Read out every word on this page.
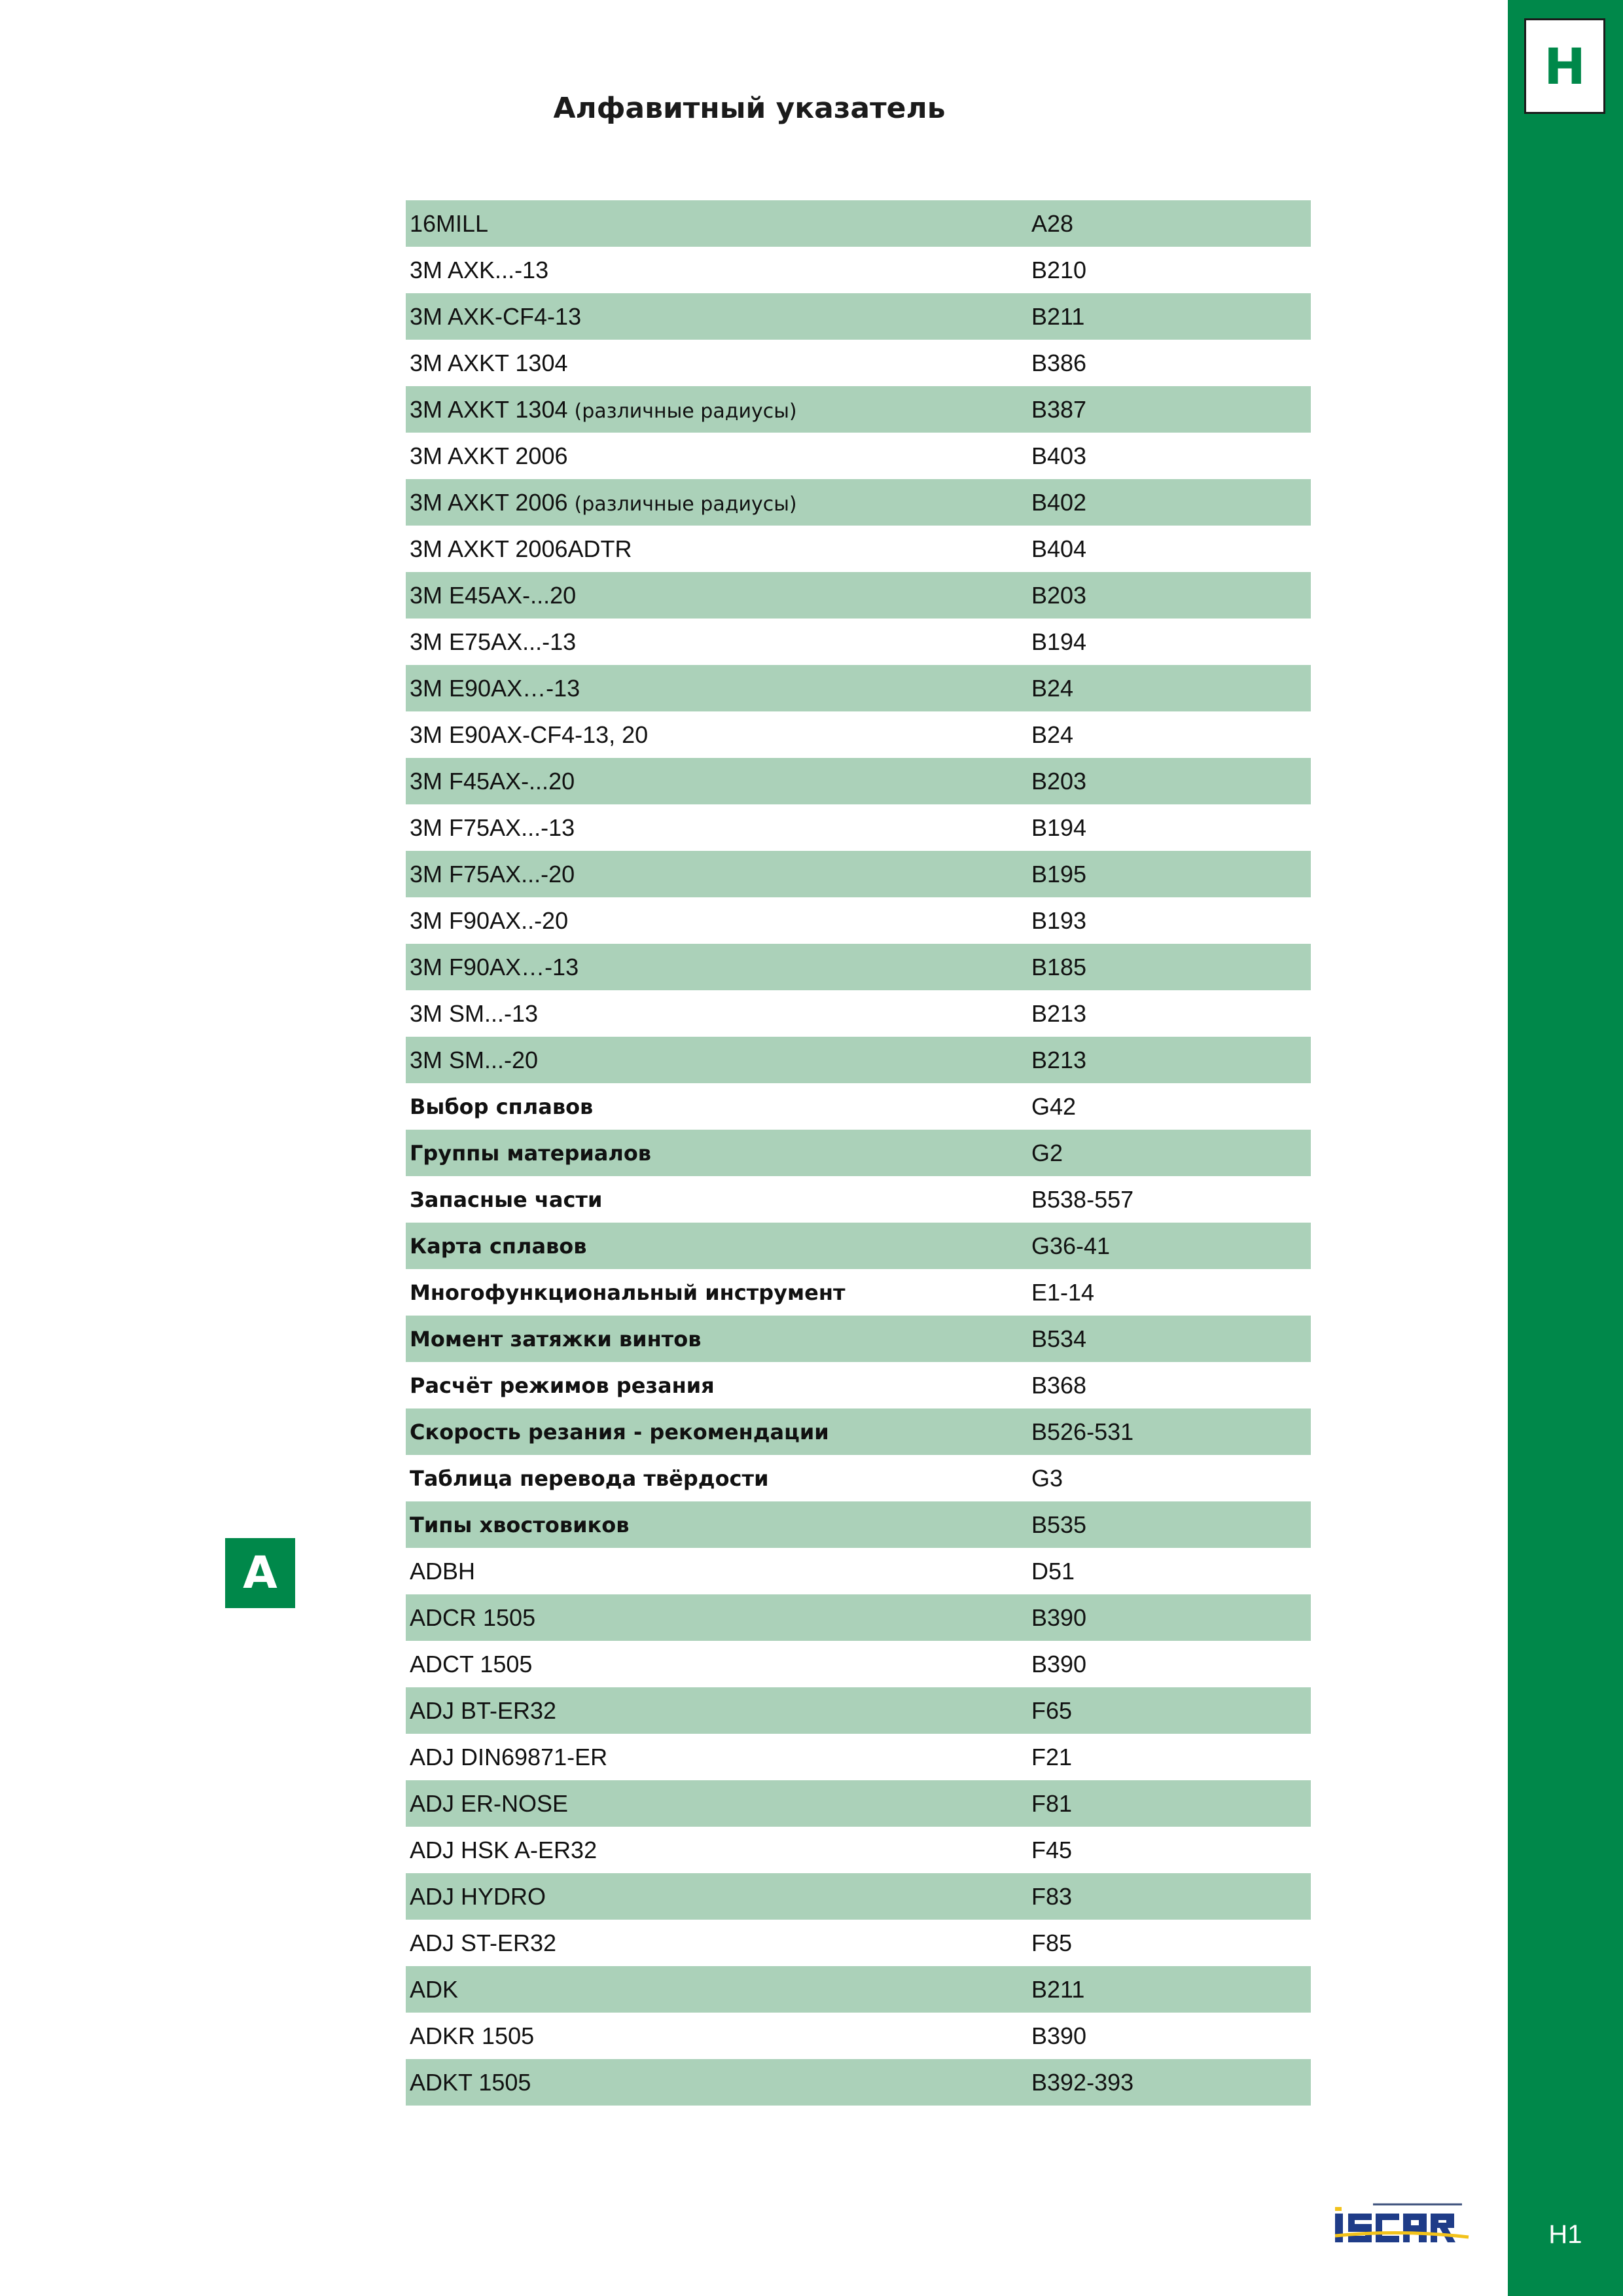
H
H1
Алфавитный указатель
16MILL	A28
3M AXK...-13	B210
3M AXK-CF4-13	B211
3M AXKT 1304	B386
3M AXKT 1304 (различные радиусы)	B387
3M AXKT 2006	B403
3M AXKT 2006 (различные радиусы)	B402
3M AXKT 2006ADTR	B404
3M E45AX-...20	B203
3M E75AX...-13	B194
3M E90AX…-13	B24
3M E90AX-CF4-13, 20	B24
3M F45AX-...20	B203
3M F75AX...-13	B194
3M F75AX...-20	B195
3M F90AX..-20	B193
3M F90AX…-13	B185
3M SM...-13	B213
3M SM...-20	B213
Выбор сплавов	G42
Группы материалов	G2
Запасные части	B538-557
Карта сплавов	G36-41
Многофункциональный инструмент	E1-14
Момент затяжки винтов	B534
Расчёт режимов резания	B368
Скорость резания - рекомендации	B526-531
Таблица перевода твёрдости	G3
Типы хвостовиков	B535
ADBH	D51
ADCR 1505	B390
ADCT 1505	B390
ADJ BT-ER32	F65
ADJ DIN69871-ER	F21
ADJ ER-NOSE	F81
ADJ HSK A-ER32	F45
ADJ HYDRO	F83
ADJ ST-ER32	F85
ADK	B211
ADKR 1505	B390
ADKT 1505	B392-393
A
